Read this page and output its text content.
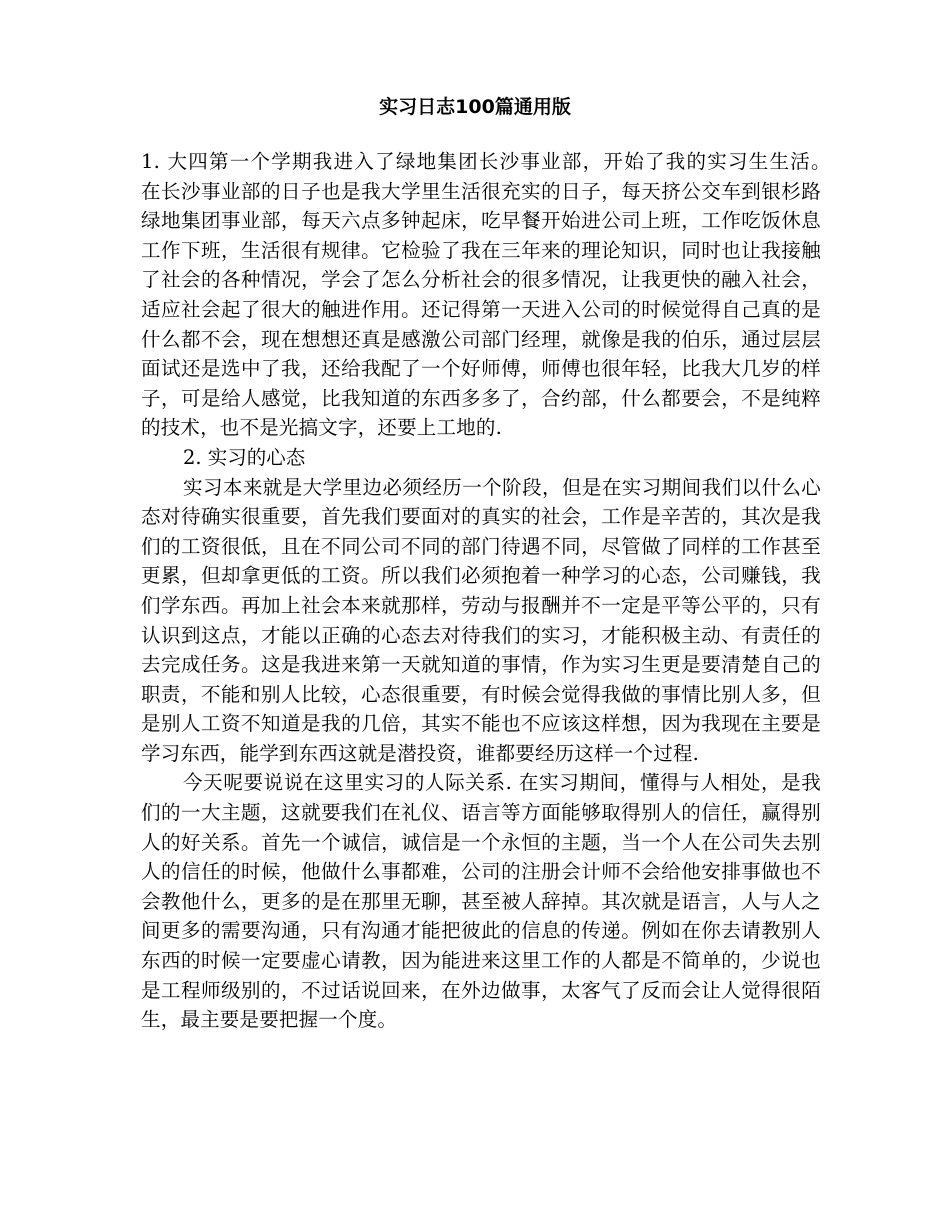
实习日志100篇通用版

1. 大四第一个学期我进入了绿地集团长沙事业部，开始了我的实习生生活。　在长沙事业部的日子也是我大学里生活很充实的日子，每天挤公交车到银杉路绿地集团事业部，每天六点多钟起床，吃早餐开始进公司上班，工作吃饭休息工作下班，生活很有规律。它检验了我在三年来的理论知识，同时也让我接触了社会的各种情况，学会了怎么分析社会的很多情况，让我更快的融入社会，适应社会起了很大的触进作用。还记得第一天进入公司的时候觉得自己真的是什么都不会，现在想想还真是感激公司部门经理，就像是我的伯乐，通过层层面试还是选中了我，还给我配了一个好师傅，师傅也很年轻，比我大几岁的样子，可是给人感觉，比我知道的东西多多了，合约部，什么都要会，不是纯粹的技术，也不是光搞文字，还要上工地的.

2. 实习的心态

实习本来就是大学里边必须经历一个阶段，但是在实习期间我们以什么心态对待确实很重要，首先我们要面对的真实的社会，工作是辛苦的，其次是我们的工资很低，且在不同公司不同的部门待遇不同，尽管做了同样的工作甚至更累，但却拿更低的工资。所以我们必须抱着一种学习的心态，公司赚钱，我们学东西。再加上社会本来就那样，劳动与报酬并不一定是平等公平的，只有认识到这点，才能以正确的心态去对待我们的实习，才能积极主动、有责任的去完成任务。这是我进来第一天就知道的事情，作为实习生更是要清楚自己的职责，不能和别人比较，心态很重要，有时候会觉得我做的事情比别人多，但是别人工资不知道是我的几倍，其实不能也不应该这样想，因为我现在主要是学习东西，能学到东西这就是潜投资，谁都要经历这样一个过程.

今天呢要说说在这里实习的人际关系. 在实习期间，懂得与人相处，是我们的一大主题，这就要我们在礼仪、语言等方面能够取得别人的信任，赢得别人的好关系。首先一个诚信，诚信是一个永恒的主题，当一个人在公司失去别人的信任的时候，他做什么事都难，公司的注册会计师不会给他安排事做也不会教他什么，更多的是在那里无聊，甚至被人辞掉。其次就是语言，人与人之间更多的需要沟通，只有沟通才能把彼此的信息的传递。例如在你去请教别人东西的时候一定要虚心请教，因为能进来这里工作的人都是不简单的，少说也是工程师级别的，不过话说回来，在外边做事，太客气了反而会让人觉得很陌生，最主要是要把握一个度。
